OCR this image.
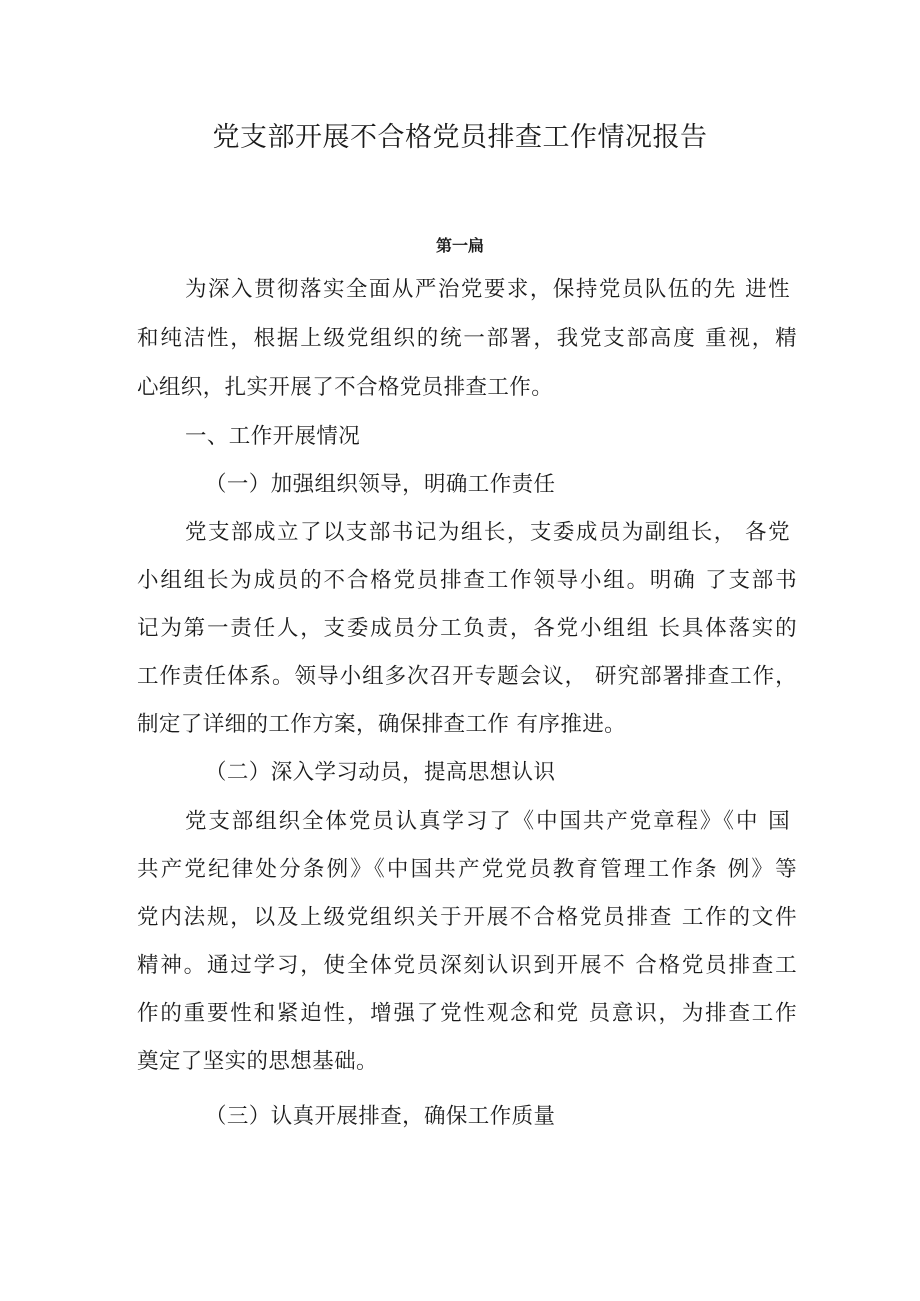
党支部开展不合格党员排查工作情况报告
第一扁
为深入贯彻落实全面从严治党要求，保持党员队伍的先 进性
和纯洁性，根据上级党组织的统一部署，我党支部高度 重视，精
心组织，扎实开展了不合格党员排查工作。
一、工作开展情况
（一）加强组织领导，明确工作责任
党支部成立了以支部书记为组长，支委成员为副组长， 各党
小组组长为成员的不合格党员排查工作领导小组。明确 了支部书
记为第一责任人，支委成员分工负责，各党小组组 长具体落实的
工作责任体系。领导小组多次召开专题会议， 研究部署排查工作，
制定了详细的工作方案，确保排查工作 有序推进。
（二）深入学习动员，提高思想认识
党支部组织全体党员认真学习了《中国共产党章程》《中 国
共产党纪律处分条例》《中国共产党党员教育管理工作条 例》等
党内法规，以及上级党组织关于开展不合格党员排查 工作的文件
精神。通过学习，使全体党员深刻认识到开展不 合格党员排查工
作的重要性和紧迫性，增强了党性观念和党 员意识，为排查工作
奠定了坚实的思想基础。
（三）认真开展排查，确保工作质量
